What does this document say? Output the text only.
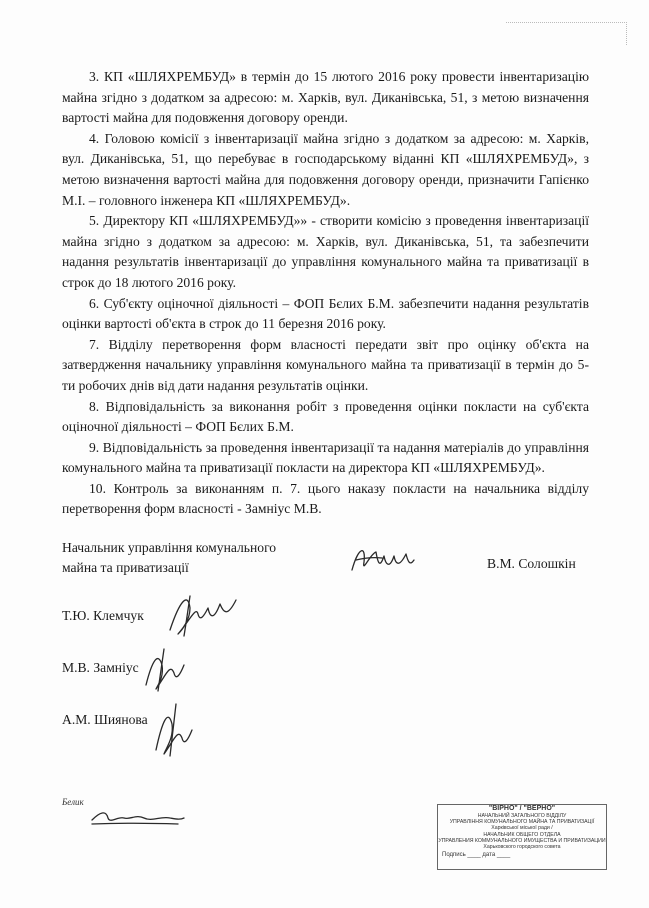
3. КП «ШЛЯХРЕМБУД» в термін до 15 лютого 2016 року провести інвентаризацію майна згідно з додатком за адресою: м. Харків, вул. Диканівська, 51, з метою визначення вартості майна для подовження договору оренди.

4. Головою комісії з інвентаризації майна згідно з додатком за адресою: м. Харків, вул. Диканівська, 51, що перебуває в господарському віданні КП «ШЛЯХРЕМБУД», з метою визначення вартості майна для подовження договору оренди, призначити Гапієнко М.І. – головного інженера КП «ШЛЯХРЕМБУД».

5. Директору КП «ШЛЯХРЕМБУД»» - створити комісію з проведення інвентаризації майна згідно з додатком за адресою: м. Харків, вул. Диканівська, 51, та забезпечити надання результатів інвентаризації до управління комунального майна та приватизації в строк до 18 лютого 2016 року.

6. Суб'єкту оціночної діяльності – ФОП Бєлих Б.М. забезпечити надання результатів оцінки вартості об'єкта в строк до 11 березня 2016 року.

7. Відділу перетворення форм власності передати звіт про оцінку об'єкта на затвердження начальнику управління комунального майна та приватизації в термін до 5-ти робочих днів від дати надання результатів оцінки.

8. Відповідальність за виконання робіт з проведення оцінки покласти на суб'єкта оціночної діяльності – ФОП Бєлих Б.М.

9. Відповідальність за проведення інвентаризації та надання матеріалів до управління комунального майна та приватизації покласти на директора КП «ШЛЯХРЕМБУД».

10. Контроль за виконанням п. 7. цього наказу покласти на начальника відділу перетворення форм власності - Замніус М.В.

Начальник управління комунального
майна та приватизації	В.М. Солошкін
Т.Ю. Клемчук
М.В. Замніус
А.М. Шиянова
Белик
"ВІРНО" / "ВЕРНО"
НАЧАЛЬНИЙ ЗАГАЛЬНОГО ВІДДІЛУ
УПРАВЛІННЯ КОМУНАЛЬНОГО МАЙНА ТА ПРИВАТИЗАЦІЇ
Харківської міської ради /
НАЧАЛЬНИК ОБЩЕГО ОТДЕЛА
УПРАВЛЕНИЯ КОММУНАЛЬНОГО ИМУЩЕСТВА И ПРИВАТИЗАЦИИ
Харьковского городского совета
Подпись ____ дата ____
